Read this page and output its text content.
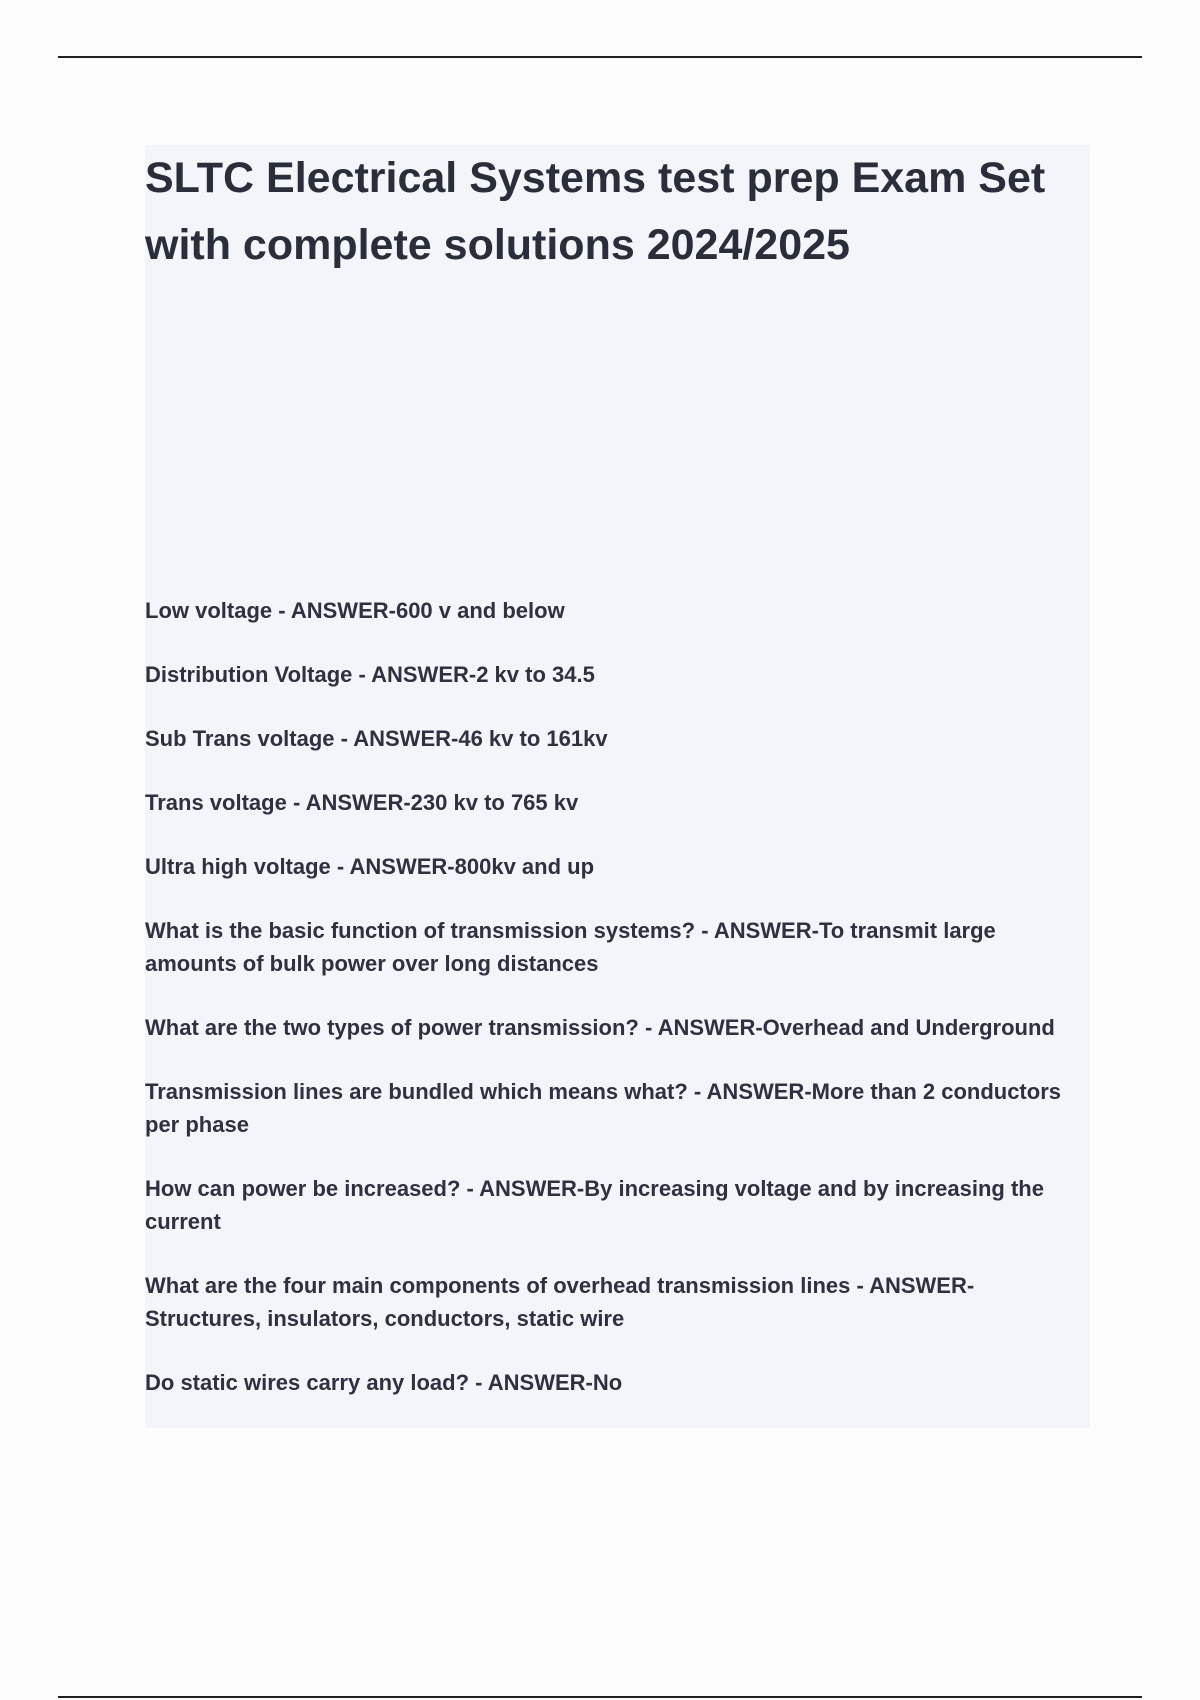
SLTC Electrical Systems test prep Exam Set with complete solutions 2024/2025

Low voltage - ANSWER-600 v and below

Distribution Voltage - ANSWER-2 kv to 34.5

Sub Trans voltage - ANSWER-46 kv to 161kv

Trans voltage - ANSWER-230 kv to 765 kv

Ultra high voltage - ANSWER-800kv and up

What is the basic function of transmission systems? - ANSWER-To transmit large amounts of bulk power over long distances

What are the two types of power transmission? - ANSWER-Overhead and Underground

Transmission lines are bundled which means what? - ANSWER-More than 2 conductors per phase

How can power be increased? - ANSWER-By increasing voltage and by increasing the current

What are the four main components of overhead transmission lines - ANSWER-Structures, insulators, conductors, static wire

Do static wires carry any load? - ANSWER-No
